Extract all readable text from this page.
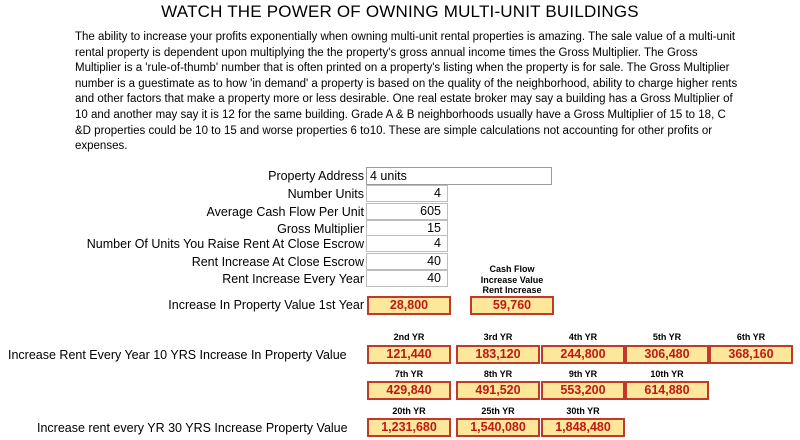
WATCH THE POWER OF OWNING MULTI-UNIT BUILDINGS
The ability to increase your profits exponentially when owning multi-unit rental properties is amazing. The sale value of a multi-unit rental property is dependent upon multiplying the the property's gross annual income times the Gross Multiplier. The Gross Multiplier is a 'rule-of-thumb' number that is often printed on a property's listing when the property is for sale. The Gross Multiplier number is a guestimate as to how 'in demand' a property is based on the quality of the neighborhood, ability to charge higher rents and other factors that make a property more or less desirable. One real estate broker may say a building has a Gross Multiplier of 10 and another may say it is 12 for the same building. Grade A & B neighborhoods usually have a Gross Multiplier of 15 to 18, C &D properties could be 10 to 15 and worse properties 6 to10. These are simple calculations not accounting for other profits or expenses.
Property Address 4 units
Number Units	4
Average Cash Flow Per Unit	605
Gross Multiplier	15
Number Of Units You Raise Rent At Close Escrow	4
Rent Increase At Close Escrow	40
Rent Increase Every Year	40
Cash Flow Increase Value Rent Increase
Increase In Property Value 1st Year	28,800	59,760
2nd YR	3rd YR	4th YR	5th YR	6th YR
Increase Rent Every Year 10 YRS Increase In Property Value	121,440	183,120	244,800	306,480	368,160
7th YR	8th YR	9th YR	10th YR
429,840	491,520	553,200	614,880
20th YR	25th YR	30th YR
Increase rent every YR 30 YRS Increase Property Value	1,231,680	1,540,080	1,848,480
